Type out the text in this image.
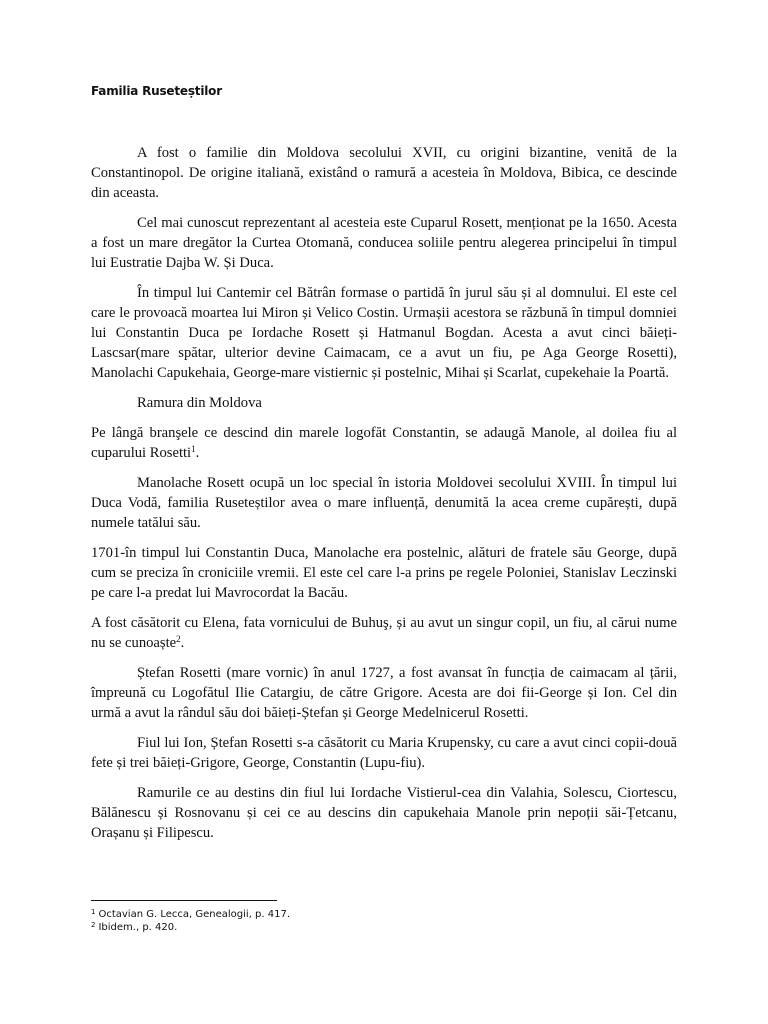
Familia Ruseteștilor

A fost o familie din Moldova secolului XVII, cu origini bizantine, venită de la Constantinopol. De origine italiană, existând o ramură a acesteia în Moldova, Bibica, ce descinde din aceasta.

Cel mai cunoscut reprezentant al acesteia este Cuparul Rosett, menționat pe la 1650. Acesta a fost un mare dregător la Curtea Otomană, conducea soliile pentru alegerea principelui în timpul lui Eustratie Dajba W. Și Duca.

În timpul lui Cantemir cel Bătrân formase o partidă în jurul său și al domnului. El este cel care le provoacă moartea lui Miron și Velico Costin. Urmașii acestora se răzbună în timpul domniei lui Constantin Duca pe Iordache Rosett și Hatmanul Bogdan. Acesta a avut cinci băieți-Lascsar(mare spătar, ulterior devine Caimacam, ce a avut un fiu, pe Aga George Rosetti), Manolachi Capukehaia, George-mare vistiernic și postelnic, Mihai și Scarlat, cupekehaie la Poartă.

Ramura din Moldova

Pe lângă branşele ce descind din marele logofăt Constantin, se adaugă Manole, al doilea fiu al cuparului Rosetti$^1$.

Manolache Rosett ocupă un loc special în istoria Moldovei secolului XVIII. În timpul lui Duca Vodă, familia Ruseteștilor avea o mare influență, denumită la acea creme cupărești, după numele tatălui său.

1701-în timpul lui Constantin Duca, Manolache era postelnic, alături de fratele său George, după cum se preciza în croniciile vremii. El este cel care l-a prins pe regele Poloniei, Stanislav Leczinski pe care l-a predat lui Mavrocordat la Bacău.

A fost căsătorit cu Elena, fata vornicului de Buhuş, și au avut un singur copil, un fiu, al cărui nume nu se cunoaște$^2$.

Ștefan Rosetti (mare vornic) în anul 1727, a fost avansat în funcția de caimacam al țării, împreună cu Logofătul Ilie Catargiu, de către Grigore. Acesta are doi fii-George și Ion. Cel din urmă a avut la rândul său doi băieți-Ștefan și George Medelnicerul Rosetti.

Fiul lui Ion, Ștefan Rosetti s-a căsătorit cu Maria Krupensky, cu care a avut cinci copii-două fete și trei băieți-Grigore, George, Constantin (Lupu-fiu).

Ramurile ce au destins din fiul lui Iordache Vistierul-cea din Valahia, Solescu, Ciortescu, Bălănescu și Rosnovanu și cei ce au descins din capukehaia Manole prin nepoții săi-Țetcanu, Orașanu și Filipescu.

$^1$ Octavian G. Lecca, Genealogii, p. 417.
$^2$ Ibidem., p. 420.
